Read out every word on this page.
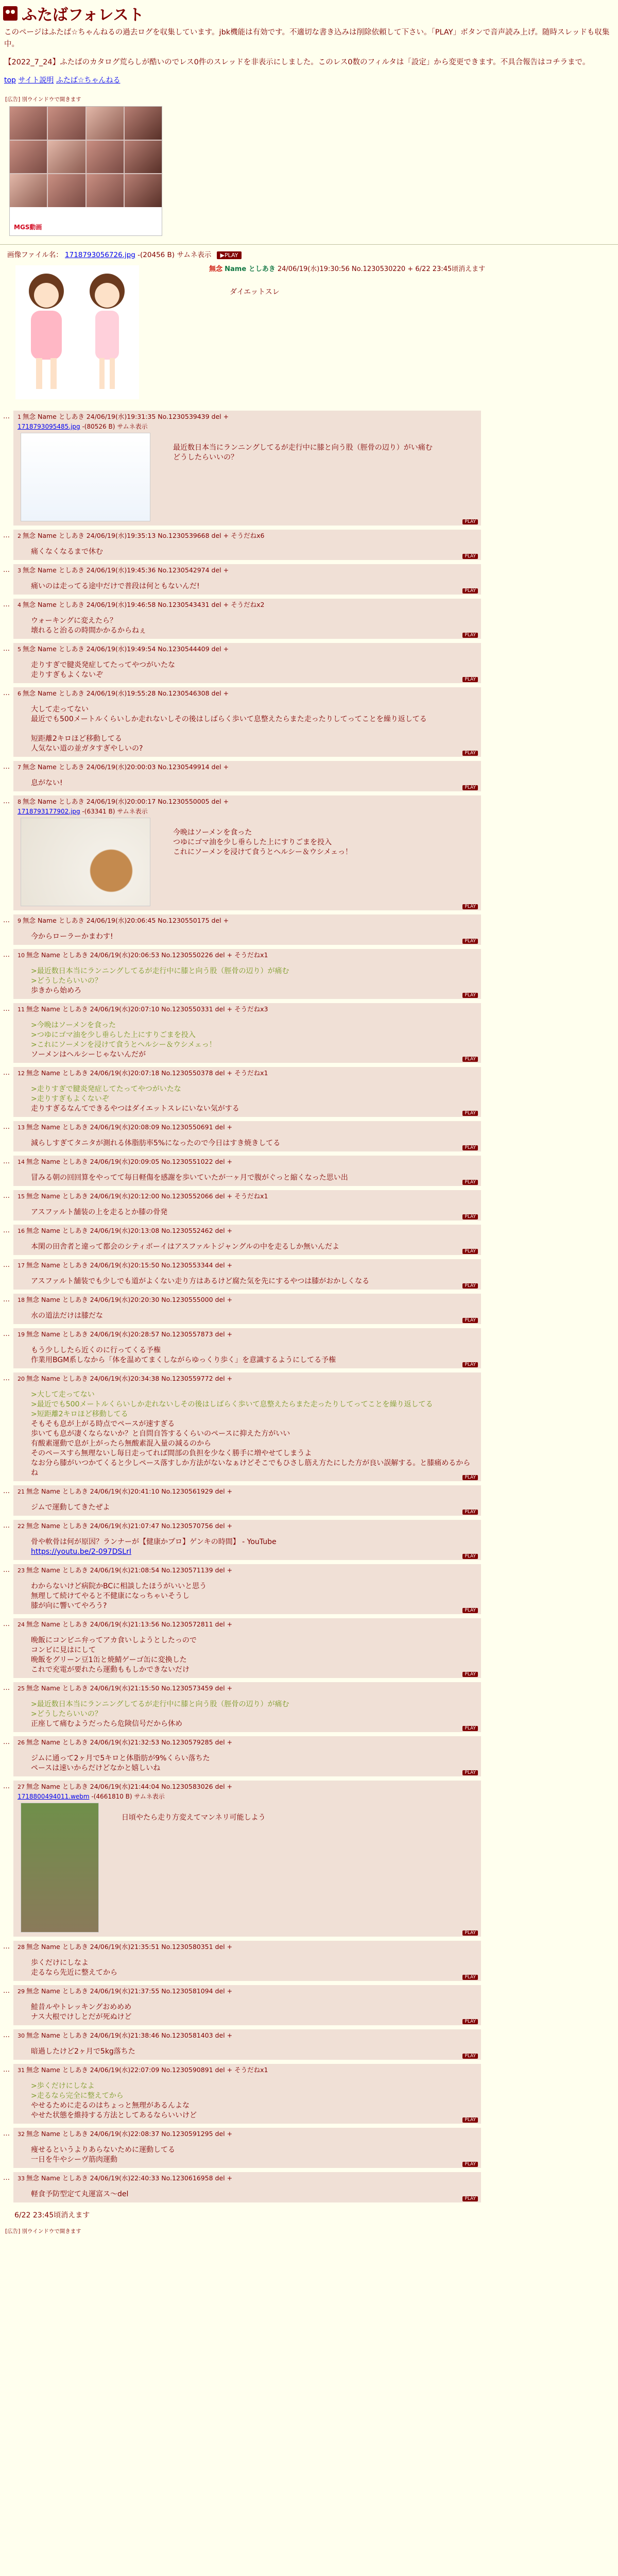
ふたばフォレスト

このページはふたば☆ちゃんねるの過去ログを収集しています。jbk機能は有効です。不適切な書き込みは削除依頼して下さい。「PLAY」ボタンで音声読み上げ。随時スレッドも収集中。

【2022_7_24】ふたばのカタログ荒らしが酷いのでレス0件のスレッドを非表示にしました。このレス0数のフィルタは「設定」から変更できます。不具合報告はコチラまで。

top サイト説明 ふたば☆ちゃんねる
[広告] 別ウインドウで開きます
MGS動画
画像ファイル名： 1718793056726.jpg -(20456 B) サムネ表示 ▶PLAY
無念 Name としあき 24/06/19(水)19:30:56 No.1230530220 + 6/22 23:45頃消えます
ダイエットスレ
…	1 無念 Name としあき 24/06/19(水)19:31:35 No.1230539439 del +
1718793095485.jpg -(80526 B) サムネ表示
最近数日本当にランニングしてるが走行中に膝と向う股（脛骨の辺り）がい痛む
どうしたらいいの？
PLAY
…	2 無念 Name としあき 24/06/19(水)19:35:13 No.1230539668 del + そうだねx6
痛くなくなるまで休む
PLAY
…	3 無念 Name としあき 24/06/19(水)19:45:36 No.1230542974 del +
痛いのは走ってる途中だけで普段は何ともないんだ!
PLAY
…	4 無念 Name としあき 24/06/19(水)19:46:58 No.1230543431 del + そうだねx2
ウォーキングに変えたら？
壊れると治るの時間かかるからねぇ
PLAY
…	5 無念 Name としあき 24/06/19(水)19:49:54 No.1230544409 del +
走りすぎで腱炎発症してたってやつがいたな
走りすぎもよくないぞ
PLAY
…	6 無念 Name としあき 24/06/19(水)19:55:28 No.1230546308 del +
大して走ってない
最近でも500メートルくらいしか走れないしその後はしばらく歩いて息整えたらまた走ったりしてってことを繰り返してる
短距離2キロほど移動してる
人気ない道の並ガタすぎやしいの?
PLAY
…	7 無念 Name としあき 24/06/19(水)20:00:03 No.1230549914 del +
息がない!
PLAY
…	8 無念 Name としあき 24/06/19(水)20:00:17 No.1230550005 del +
1718793177902.jpg -(63341 B) サムネ表示
今晩はソーメンを食った
つゆにゴマ油を少し垂らした上にすりごまを投入
これにソーメンを浸けて食うとヘルシー＆ウシメェっ！
PLAY
…	9 無念 Name としあき 24/06/19(水)20:06:45 No.1230550175 del +
今からローラーかまわす!
PLAY
…	10 無念 Name としあき 24/06/19(水)20:06:53 No.1230550226 del + そうだねx1
>最近数日本当にランニングしてるが走行中に膝と向う股（脛骨の辺り）が痛む
>どうしたらいいの？
歩きから始めろ
PLAY
…	11 無念 Name としあき 24/06/19(水)20:07:10 No.1230550331 del + そうだねx3
>今晩はソーメンを食った
>つゆにゴマ油を少し垂らした上にすりごまを投入
>これにソーメンを浸けて食うとヘルシー＆ウシメェっ！
ソーメンはヘルシーじゃないんだが
PLAY
…	12 無念 Name としあき 24/06/19(水)20:07:18 No.1230550378 del + そうだねx1
>走りすぎで腱炎発症してたってやつがいたな
>走りすぎもよくないぞ
走りすぎるなんてできるやつはダイエットスレにいない気がする
PLAY
…	13 無念 Name としあき 24/06/19(水)20:08:09 No.1230550691 del +
減らしすぎてタニタが測れる体脂肪率5%になったので今日はすき焼きしてる
PLAY
…	14 無念 Name としあき 24/06/19(水)20:09:05 No.1230551022 del +
冒みる朝の回回算をやってて毎日軽傷を感謝を歩いていたが一ヶ月で腹がぐっと縮くなった思い出
PLAY
…	15 無念 Name としあき 24/06/19(水)20:12:00 No.1230552066 del + そうだねx1
アスファルト舗装の上を走るとか膝の骨発
PLAY
…	16 無念 Name としあき 24/06/19(水)20:13:08 No.1230552462 del +
本閑の田舎者と違って都会のシティボーイはアスファルトジャングルの中を走るしか無いんだよ
PLAY
…	17 無念 Name としあき 24/06/19(水)20:15:50 No.1230553344 del +
アスファルト舗装でも少しでも道がよくない走り方はあるけど腐た気を先にするやつは膝がおかしくなる
PLAY
…	18 無念 Name としあき 24/06/19(水)20:20:30 No.1230555000 del +
水の道法だけは膝だな
PLAY
…	19 無念 Name としあき 24/06/19(水)20:28:57 No.1230557873 del +
もう少ししたら近くのに行ってくる予権
作業用BGM系しなから「体を温めてまくしながらゆっくり歩く」を意識するようにしてる予権
PLAY
…	20 無念 Name としあき 24/06/19(水)20:34:38 No.1230559772 del +
>大して走ってない
>最近でも500メートルくらいしか走れないしその後はしばらく歩いて息整えたらまた走ったりしてってことを繰り返してる
>短距離2キロほど移動してる
そもそも息が上がる時点でペースが速すぎる
歩いても息が凄くならないか？と自問自答するくらいのペースに抑えた方がいい
有酸素運動で息が上がったら無酸素混入量の減るのから
そのペースすら無理ないし毎日走ってれば間部の負担を少なく勝手に増やせてしまうよ
なお分ら膝がいつかてくると少しペース落すしか方法がないなぁけどそこでもひさし筋え方たにした方が良い誤解する。と膝痛めるからね
PLAY
…	21 無念 Name としあき 24/06/19(水)20:41:10 No.1230561929 del +
ジムで運動してきたぜよ
PLAY
…	22 無念 Name としあき 24/06/19(水)21:07:47 No.1230570756 del +
骨や軟骨は何が原因？ランナーが【健康かプロ】ゲンキの時間】 - YouTube
https://youtu.be/2-097DSLrI
PLAY
…	23 無念 Name としあき 24/06/19(水)21:08:54 No.1230571139 del +
わからないけど病院かBCに相談したほうがいいと思う
無理して続けてやると不健康になっちゃいそうし
膝が向に響いてやろう?
PLAY
…	24 無念 Name としあき 24/06/19(水)21:13:56 No.1230572811 del +
晩飯にコンビニ弁ってアカ食いしようとしたっので
コンビに見はにして
晩飯をグリーン豆1缶と焼鯖ゲーゴ缶に変換した
これで充電が要れたら運動ももしかできないだけ
PLAY
…	25 無念 Name としあき 24/06/19(水)21:15:50 No.1230573459 del +
>最近数日本当にランニングしてるが走行中に膝と向う股（脛骨の辺り）が痛む
>どうしたらいいの？
正座して痛むようだったら危険信号だから休め
PLAY
…	26 無念 Name としあき 24/06/19(水)21:32:53 No.1230579285 del +
ジムに通って2ヶ月で5キロと体脂肪が9%くらい落ちた
ペースは速いからだけどなかと嬉しいね
PLAY
…	27 無念 Name としあき 24/06/19(水)21:44:04 No.1230583026 del +
1718800494011.webm -(4661810 B) サムネ表示
日頃やたら走り方変えてマンネリ可能しよう
PLAY
…	28 無念 Name としあき 24/06/19(水)21:35:51 No.1230580351 del +
歩くだけにしなよ
走るなら先近に整えてから
PLAY
…	29 無念 Name としあき 24/06/19(水)21:37:55 No.1230581094 del +
鮭昔ルやトレッキングおめめめ
ナス大根でけしとだが死ぬけど
PLAY
…	30 無念 Name としあき 24/06/19(水)21:38:46 No.1230581403 del +
暗過したけど2ヶ月で5kg落ちた
PLAY
…	31 無念 Name としあき 24/06/19(水)22:07:09 No.1230590891 del + そうだねx1
>歩くだけにしなよ
>走るなら完全に整えてから
やせるために走るのはちょっと無理があるんよな
やせた状態を維持する方法としてあるならいいけど
PLAY
…	32 無念 Name としあき 24/06/19(水)22:08:37 No.1230591295 del +
痩せるというよりあらないために運動してる
一日を牛やシーヴ筋肉運動
PLAY
…	33 無念 Name としあき 24/06/19(水)22:40:33 No.1230616958 del +
軽食予防型定て丸運富ス～del
PLAY
6/22 23:45頃消えます
[広告] 別ウインドウで開きます
